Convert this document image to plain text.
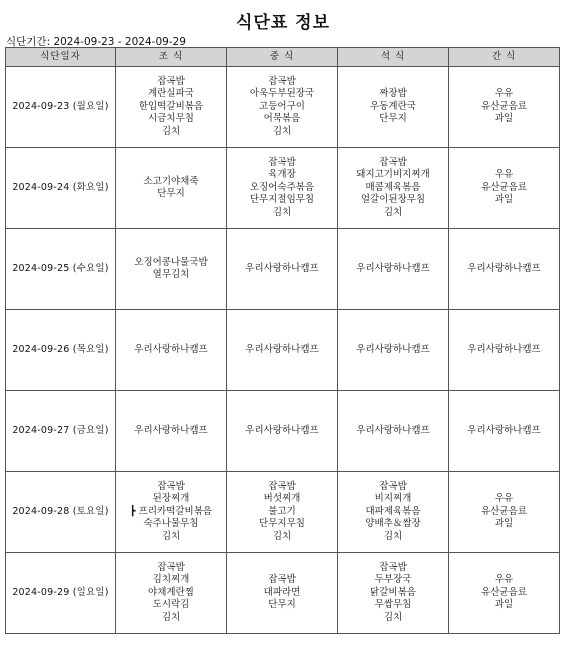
식단표 정보
식단기간: 2024-09-23 - 2024-09-29
식단일자	조 식	중 식	석 식	간 식
2024-09-23 (월요일)	잡곡밥
계란실파국
한입떡갈비볶음
시금치무침
김치	잡곡밥
아욱두부된장국
고등어구이
어묵볶음
김치	짜장밥
우동계란국
단무지	우유
유산균음료
과일

2024-09-24 (화요일)	소고기야채죽
단무지	잡곡밥
육개장
오징어숙주볶음
단무지절임무침
김치	잡곡밥
돼지고기비지찌개
매콤제육볶음
얼갈이된장무침
김치	우유
유산균음료
과일

2024-09-25 (수요일)	오징어콩나물국밥
열무김치	우리사랑하나캠프	우리사랑하나캠프	우리사랑하나캠프

2024-09-26 (목요일)	우리사랑하나캠프	우리사랑하나캠프	우리사랑하나캠프	우리사랑하나캠프

2024-09-27 (금요일)	우리사랑하나캠프	우리사랑하나캠프	우리사랑하나캠프	우리사랑하나캠프

2024-09-28 (토요일)	잡곡밥
된장찌개
┣ 프리카떡갈비볶음
숙주나물무침
김치	잡곡밥
버섯찌개
불고기
단무지무침
김치	잡곡밥
비지찌개
대파제육볶음
양배추＆쌈장
김치	우유
유산균음료
과일

2024-09-29 (일요일)	잡곡밥
김치찌개
야채계란찜
도시락김
김치	잡곡밥
대파라면
단무지	잡곡밥
두부장국
닭갈비볶음
무쌈무침
김치	우유
유산균음료
과일
